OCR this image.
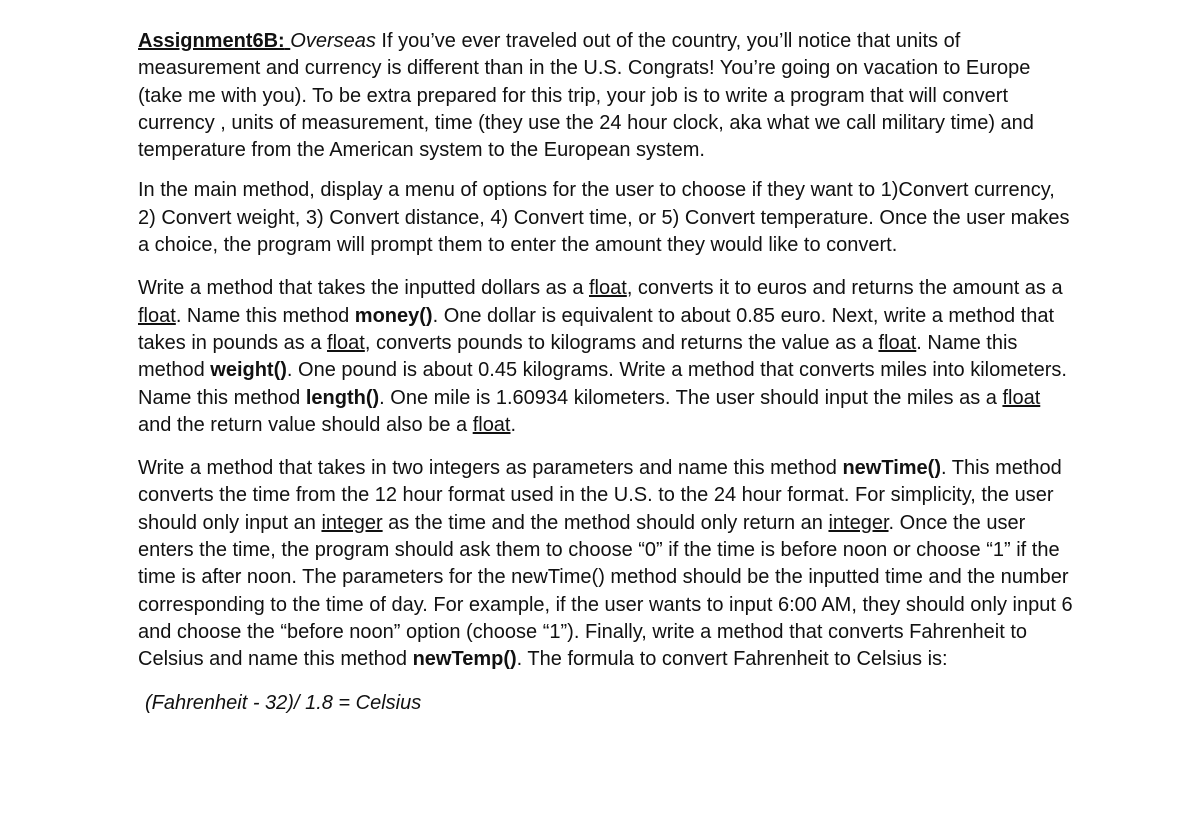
Assignment6B: Overseas If you’ve ever traveled out of the country, you’ll notice that units of measurement and currency is different than in the U.S. Congrats! You’re going on vacation to Europe (take me with you). To be extra prepared for this trip, your job is to write a program that will convert currency , units of measurement, time (they use the 24 hour clock, aka what we call military time) and temperature from the American system to the European system.

In the main method, display a menu of options for the user to choose if they want to 1)Convert currency, 2) Convert weight, 3) Convert distance, 4) Convert time, or 5) Convert temperature. Once the user makes a choice, the program will prompt them to enter the amount they would like to convert.

Write a method that takes the inputted dollars as a float, converts it to euros and returns the amount as a float. Name this method money(). One dollar is equivalent to about 0.85 euro. Next, write a method that takes in pounds as a float, converts pounds to kilograms and returns the value as a float. Name this method weight(). One pound is about 0.45 kilograms. Write a method that converts miles into kilometers. Name this method length(). One mile is 1.60934 kilometers. The user should input the miles as a float and the return value should also be a float.

Write a method that takes in two integers as parameters and name this method newTime(). This method converts the time from the 12 hour format used in the U.S. to the 24 hour format. For simplicity, the user should only input an integer as the time and the method should only return an integer. Once the user enters the time, the program should ask them to choose “0” if the time is before noon or choose “1” if the time is after noon. The parameters for the newTime() method should be the inputted time and the number corresponding to the time of day. For example, if the user wants to input 6:00 AM, they should only input 6 and choose the “before noon” option (choose “1”). Finally, write a method that converts Fahrenheit to Celsius and name this method newTemp(). The formula to convert Fahrenheit to Celsius is:

(Fahrenheit - 32)/ 1.8 = Celsius
